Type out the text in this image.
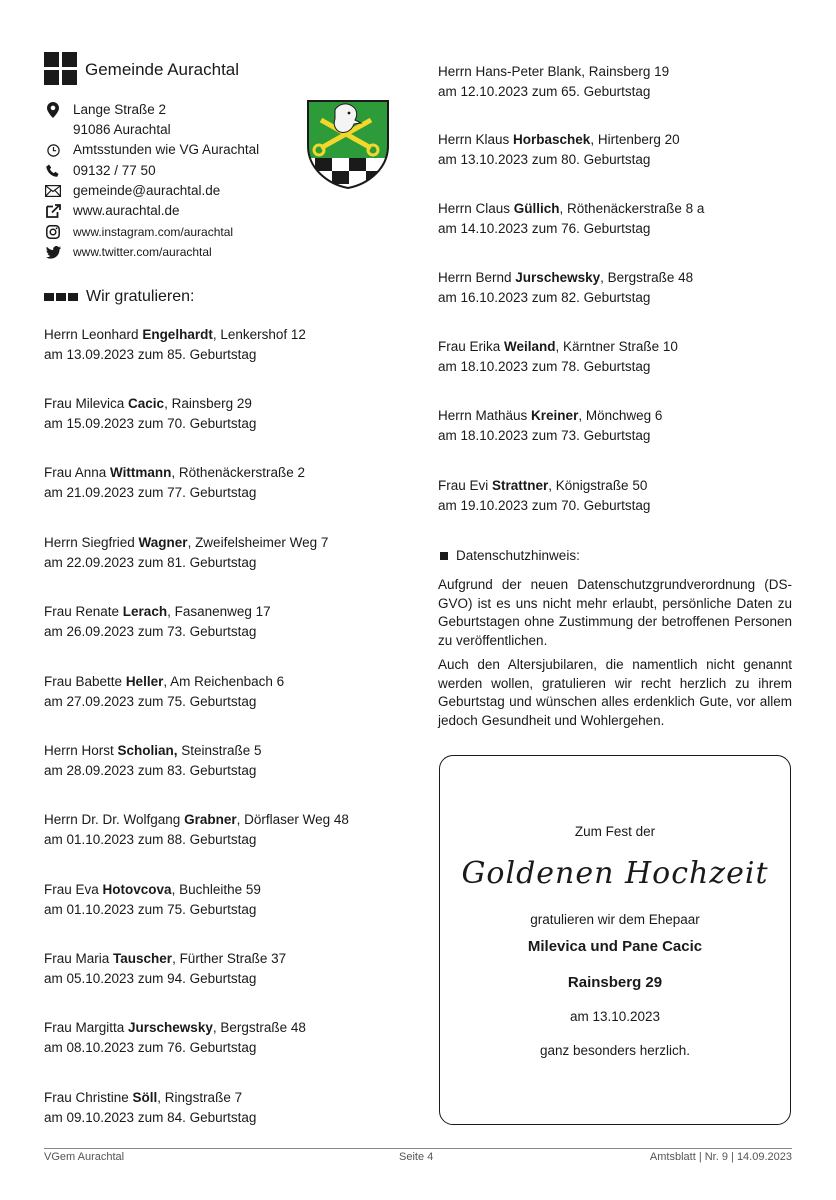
Gemeinde Aurachtal
Lange Straße 2
91086 Aurachtal
Amtsstunden wie VG Aurachtal
09132 / 77 50
gemeinde@aurachtal.de
www.aurachtal.de
www.instagram.com/aurachtal
www.twitter.com/aurachtal
Wir gratulieren:
Herrn Leonhard Engelhardt, Lenkershof 12
am 13.09.2023 zum 85. Geburtstag
Frau Milevica Cacic, Rainsberg 29
am 15.09.2023 zum 70. Geburtstag
Frau Anna Wittmann, Röthenäckerstraße 2
am 21.09.2023 zum 77. Geburtstag
Herrn Siegfried Wagner, Zweifelsheimer Weg 7
am 22.09.2023 zum 81. Geburtstag
Frau Renate Lerach, Fasanenweg 17
am 26.09.2023 zum 73. Geburtstag
Frau Babette Heller, Am Reichenbach 6
am 27.09.2023 zum 75. Geburtstag
Herrn Horst Scholian, Steinstraße 5
am 28.09.2023 zum 83. Geburtstag
Herrn Dr. Dr. Wolfgang Grabner, Dörflaser Weg 48
am 01.10.2023 zum 88. Geburtstag
Frau Eva Hotovcova, Buchleithe 59
am 01.10.2023 zum 75. Geburtstag
Frau Maria Tauscher, Fürther Straße 37
am 05.10.2023 zum 94. Geburtstag
Frau Margitta Jurschewsky, Bergstraße 48
am 08.10.2023 zum 76. Geburtstag
Frau Christine Söll, Ringstraße 7
am 09.10.2023 zum 84. Geburtstag
Herrn Hans-Peter Blank, Rainsberg 19
am 12.10.2023 zum 65. Geburtstag
Herrn Klaus Horbaschek, Hirtenberg 20
am 13.10.2023 zum 80. Geburtstag
Herrn Claus Güllich, Röthenäckerstraße 8 a
am 14.10.2023 zum 76. Geburtstag
Herrn Bernd Jurschewsky, Bergstraße 48
am 16.10.2023 zum 82. Geburtstag
Frau Erika Weiland, Kärntner Straße 10
am 18.10.2023 zum 78. Geburtstag
Herrn Mathäus Kreiner, Mönchweg 6
am 18.10.2023 zum 73. Geburtstag
Frau Evi Strattner, Königstraße 50
am 19.10.2023 zum 70. Geburtstag
Datenschutzhinweis:
Aufgrund der neuen Datenschutzgrundverordnung (DS-GVO) ist es uns nicht mehr erlaubt, persönliche Daten zu Geburtstagen ohne Zustimmung der betroffenen Personen zu veröffentlichen.
Auch den Altersjubilaren, die namentlich nicht genannt werden wollen, gratulieren wir recht herzlich zu ihrem Geburtstag und wünschen alles erdenklich Gute, vor allem jedoch Gesundheit und Wohlergehen.
Zum Fest der
Goldenen Hochzeit
gratulieren wir dem Ehepaar
Milevica und Pane Cacic
Rainsberg 29
am 13.10.2023
ganz besonders herzlich.
VGem Aurachtal	Seite 4	Amtsblatt | Nr. 9 | 14.09.2023
